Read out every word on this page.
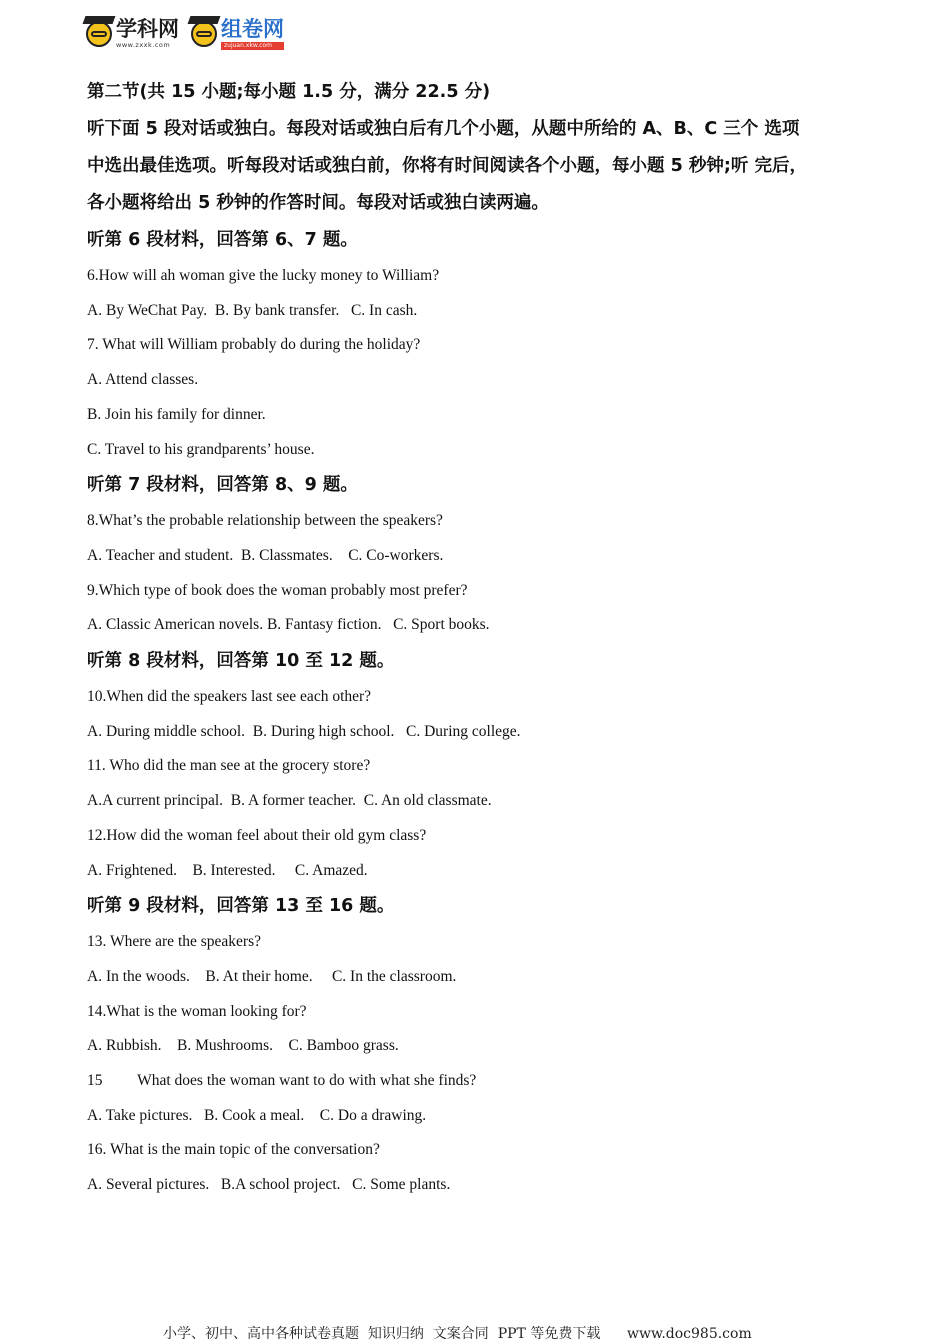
学科网
www.zxxk.com
组卷网
zujuan.xkw.com

第二节(共 15 小题;每小题 1.5 分，满分 22.5 分)

听下面 5 段对话或独白。每段对话或独白后有几个小题，从题中所给的 A、B、C 三个 选项

中选出最佳选项。听每段对话或独白前，你将有时间阅读各个小题，每小题 5 秒钟;听 完后，

各小题将给出 5 秒钟的作答时间。每段对话或独白读两遍。

听第 6 段材料，回答第 6、7 题。

6.How will ah woman give the lucky money to William?

A. By WeChat Pay.  B. By bank transfer.   C. In cash.

7. What will William probably do during the holiday?

A. Attend classes.

B. Join his family for dinner.

C. Travel to his grandparents’ house.

听第 7 段材料，回答第 8、9 题。

8.What’s the probable relationship between the speakers?

A. Teacher and student.  B. Classmates.    C. Co-workers.

9.Which type of book does the woman probably most prefer?

A. Classic American novels. B. Fantasy fiction.   C. Sport books.

听第 8 段材料，回答第 10 至 12 题。

10.When did the speakers last see each other?

A. During middle school.  B. During high school.   C. During college.

11. Who did the man see at the grocery store?

A.A current principal.  B. A former teacher.  C. An old classmate.

12.How did the woman feel about their old gym class?

A. Frightened.    B. Interested.     C. Amazed.

听第 9 段材料，回答第 13 至 16 题。

13. Where are the speakers?

A. In the woods.    B. At their home.     C. In the classroom.

14.What is the woman looking for?

A. Rubbish.    B. Mushrooms.    C. Bamboo grass.

15         What does the woman want to do with what she finds?

A. Take pictures.   B. Cook a meal.    C. Do a drawing.

16. What is the main topic of the conversation?

A. Several pictures.   B.A school project.   C. Some plants.

小学、初中、高中各种试卷真题  知识归纳  文案合同  PPT 等免费下载 www.doc985.com
